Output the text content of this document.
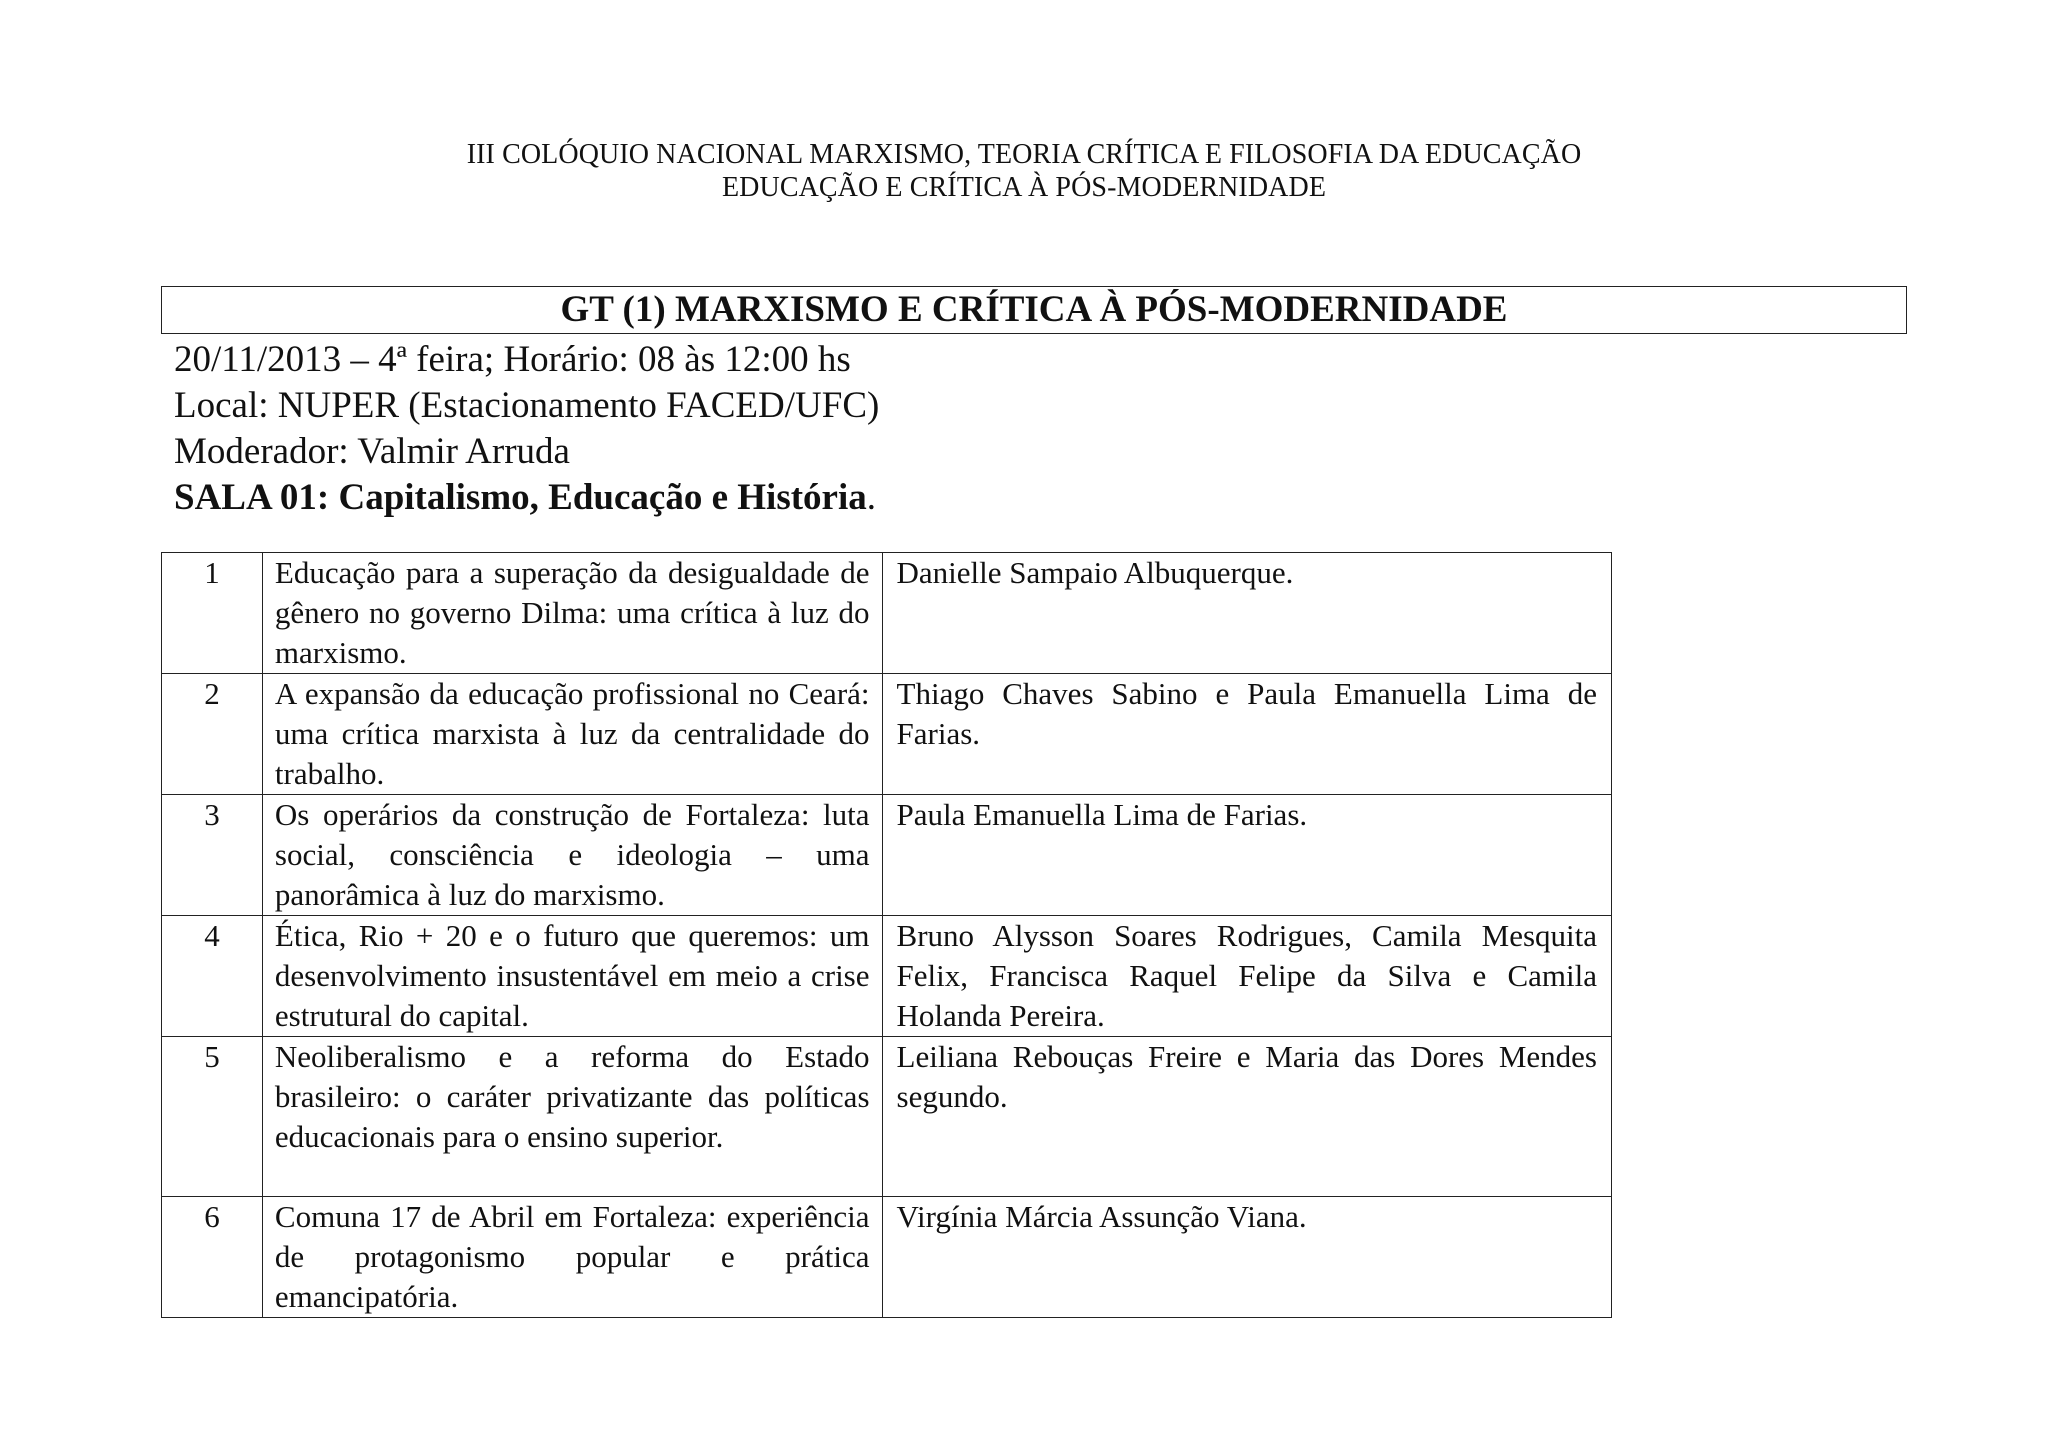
III COLÓQUIO NACIONAL MARXISMO, TEORIA CRÍTICA E FILOSOFIA DA EDUCAÇÃO
EDUCAÇÃO E CRÍTICA À PÓS-MODERNIDADE
GT (1) MARXISMO E CRÍTICA À PÓS-MODERNIDADE
20/11/2013 – 4ª feira; Horário: 08 às 12:00 hs
Local: NUPER (Estacionamento FACED/UFC)
Moderador: Valmir Arruda
SALA 01: Capitalismo, Educação e História.
1	Educação para a superação da desigualdade de gênero no governo Dilma: uma crítica à luz do marxismo.	Danielle Sampaio Albuquerque.
2	A expansão da educação profissional no Ceará: uma crítica marxista à luz da centralidade do trabalho.	Thiago Chaves Sabino e Paula Emanuella Lima de Farias.
3	Os operários da construção de Fortaleza: luta social, consciência e ideologia – uma panorâmica à luz do marxismo.	Paula Emanuella Lima de Farias.
4	Ética, Rio + 20 e o futuro que queremos: um desenvolvimento insustentável em meio a crise estrutural do capital.	Bruno Alysson Soares Rodrigues, Camila Mesquita Felix, Francisca Raquel Felipe da Silva e Camila Holanda Pereira.
5	Neoliberalismo e a reforma do Estado brasileiro: o caráter privatizante das políticas educacionais para o ensino superior.	Leiliana Rebouças Freire e Maria das Dores Mendes segundo.
6	Comuna 17 de Abril em Fortaleza: experiência de protagonismo popular e prática emancipatória.	Virgínia Márcia Assunção Viana.
